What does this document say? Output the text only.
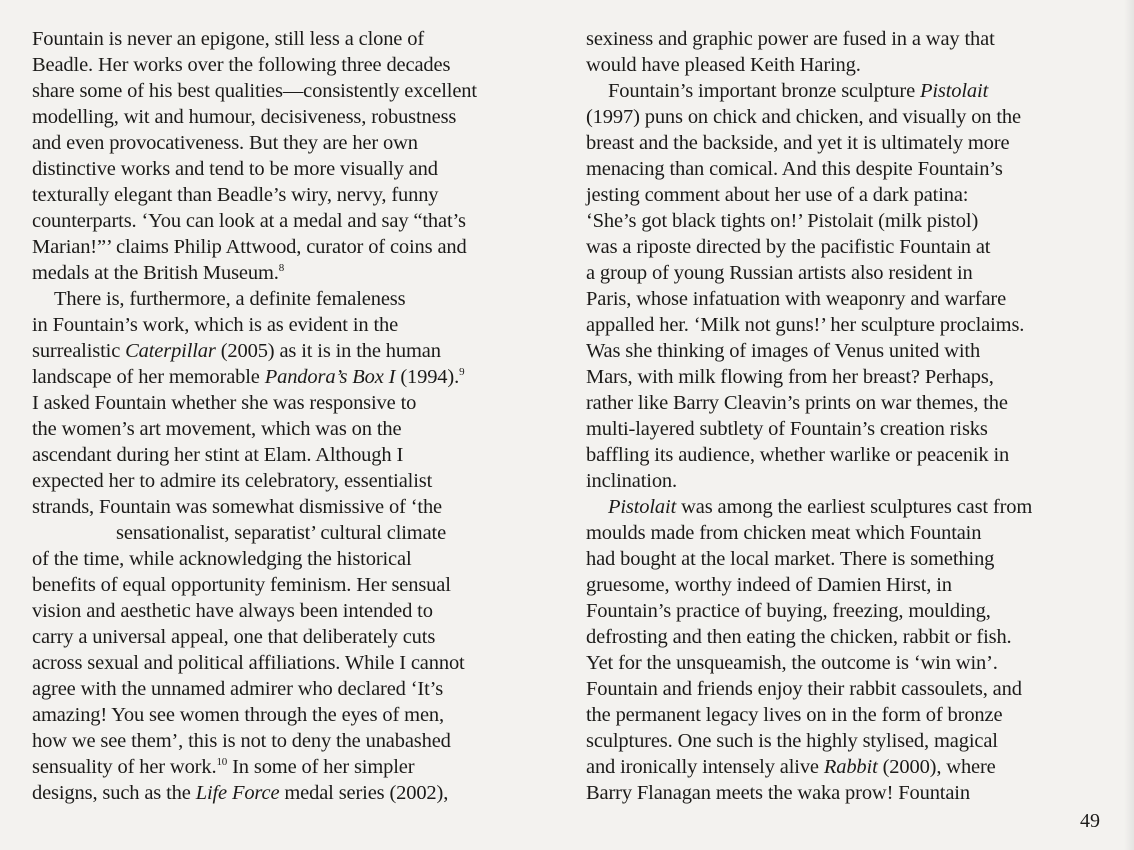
Fountain is never an epigone, still less a clone of
Beadle. Her works over the following three decades
share some of his best qualities—consistently excellent
modelling, wit and humour, decisiveness, robustness
and even provocativeness. But they are her own
distinctive works and tend to be more visually and
texturally elegant than Beadle’s wiry, nervy, funny
counterparts. ‘You can look at a medal and say “that’s
Marian!”’ claims Philip Attwood, curator of coins and
medals at the British Museum.$^8$
There is, furthermore, a definite femaleness
in Fountain’s work, which is as evident in the
surrealistic Caterpillar (2005) as it is in the human
landscape of her memorable Pandora’s Box I (1994).$^9$
I asked Fountain whether she was responsive to
the women’s art movement, which was on the
ascendant during her stint at Elam. Although I
expected her to admire its celebratory, essentialist
strands, Fountain was somewhat dismissive of ‘the
sensationalist, separatist’ cultural climate
of the time, while acknowledging the historical
benefits of equal opportunity feminism. Her sensual
vision and aesthetic have always been intended to
carry a universal appeal, one that deliberately cuts
across sexual and political affiliations. While I cannot
agree with the unnamed admirer who declared ‘It’s
amazing! You see women through the eyes of men,
how we see them’, this is not to deny the unabashed
sensuality of her work.$^{10}$ In some of her simpler
designs, such as the Life Force medal series (2002),
sexiness and graphic power are fused in a way that
would have pleased Keith Haring.
Fountain’s important bronze sculpture Pistolait
(1997) puns on chick and chicken, and visually on the
breast and the backside, and yet it is ultimately more
menacing than comical. And this despite Fountain’s
jesting comment about her use of a dark patina:
‘She’s got black tights on!’ Pistolait (milk pistol)
was a riposte directed by the pacifistic Fountain at
a group of young Russian artists also resident in
Paris, whose infatuation with weaponry and warfare
appalled her. ‘Milk not guns!’ her sculpture proclaims.
Was she thinking of images of Venus united with
Mars, with milk flowing from her breast? Perhaps,
rather like Barry Cleavin’s prints on war themes, the
multi-layered subtlety of Fountain’s creation risks
baffling its audience, whether warlike or peacenik in
inclination.
Pistolait was among the earliest sculptures cast from
moulds made from chicken meat which Fountain
had bought at the local market. There is something
gruesome, worthy indeed of Damien Hirst, in
Fountain’s practice of buying, freezing, moulding,
defrosting and then eating the chicken, rabbit or fish.
Yet for the unsqueamish, the outcome is ‘win win’.
Fountain and friends enjoy their rabbit cassoulets, and
the permanent legacy lives on in the form of bronze
sculptures. One such is the highly stylised, magical
and ironically intensely alive Rabbit (2000), where
Barry Flanagan meets the waka prow! Fountain
49
